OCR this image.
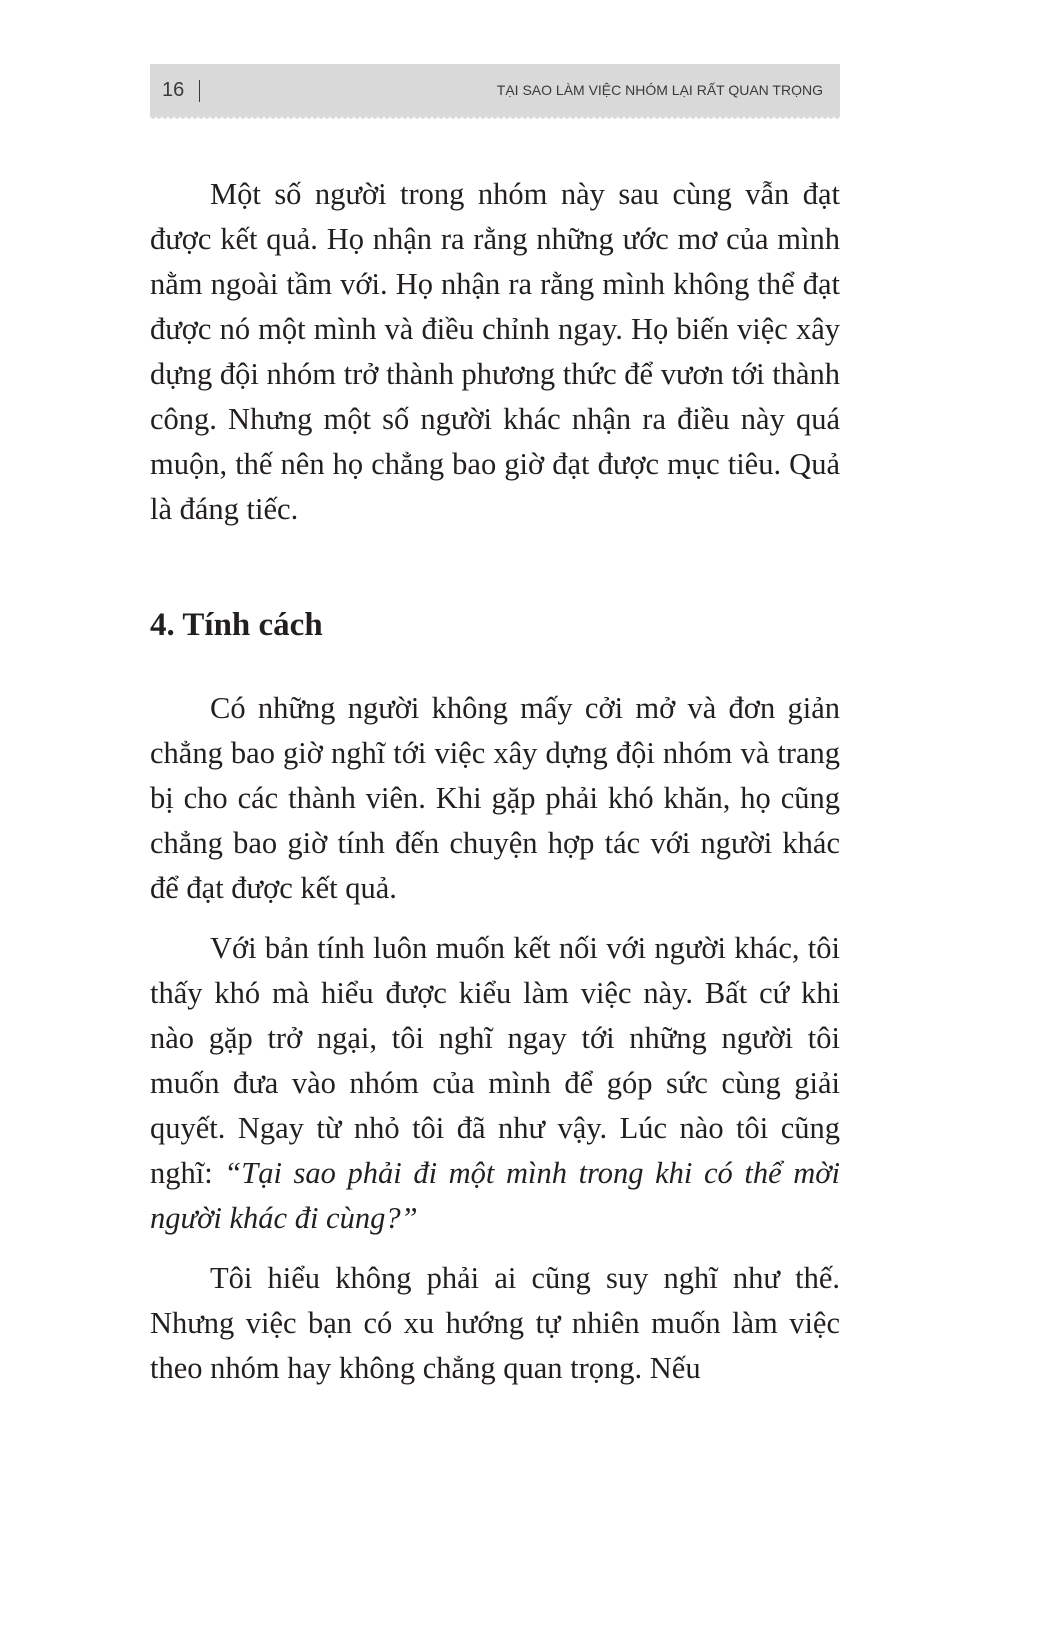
16	TẠI SAO LÀM VIỆC NHÓM LẠI RẤT QUAN TRỌNG

Một số người trong nhóm này sau cùng vẫn đạt được kết quả. Họ nhận ra rằng những ước mơ của mình nằm ngoài tầm với. Họ nhận ra rằng mình không thể đạt được nó một mình và điều chỉnh ngay. Họ biến việc xây dựng đội nhóm trở thành phương thức để vươn tới thành công. Nhưng một số người khác nhận ra điều này quá muộn, thế nên họ chẳng bao giờ đạt được mục tiêu. Quả là đáng tiếc.

4. Tính cách

Có những người không mấy cởi mở và đơn giản chẳng bao giờ nghĩ tới việc xây dựng đội nhóm và trang bị cho các thành viên. Khi gặp phải khó khăn, họ cũng chẳng bao giờ tính đến chuyện hợp tác với người khác để đạt được kết quả.

Với bản tính luôn muốn kết nối với người khác, tôi thấy khó mà hiểu được kiểu làm việc này. Bất cứ khi nào gặp trở ngại, tôi nghĩ ngay tới những người tôi muốn đưa vào nhóm của mình để góp sức cùng giải quyết. Ngay từ nhỏ tôi đã như vậy. Lúc nào tôi cũng nghĩ: “Tại sao phải đi một mình trong khi có thể mời người khác đi cùng?”

Tôi hiểu không phải ai cũng suy nghĩ như thế. Nhưng việc bạn có xu hướng tự nhiên muốn làm việc theo nhóm hay không chẳng quan trọng. Nếu
